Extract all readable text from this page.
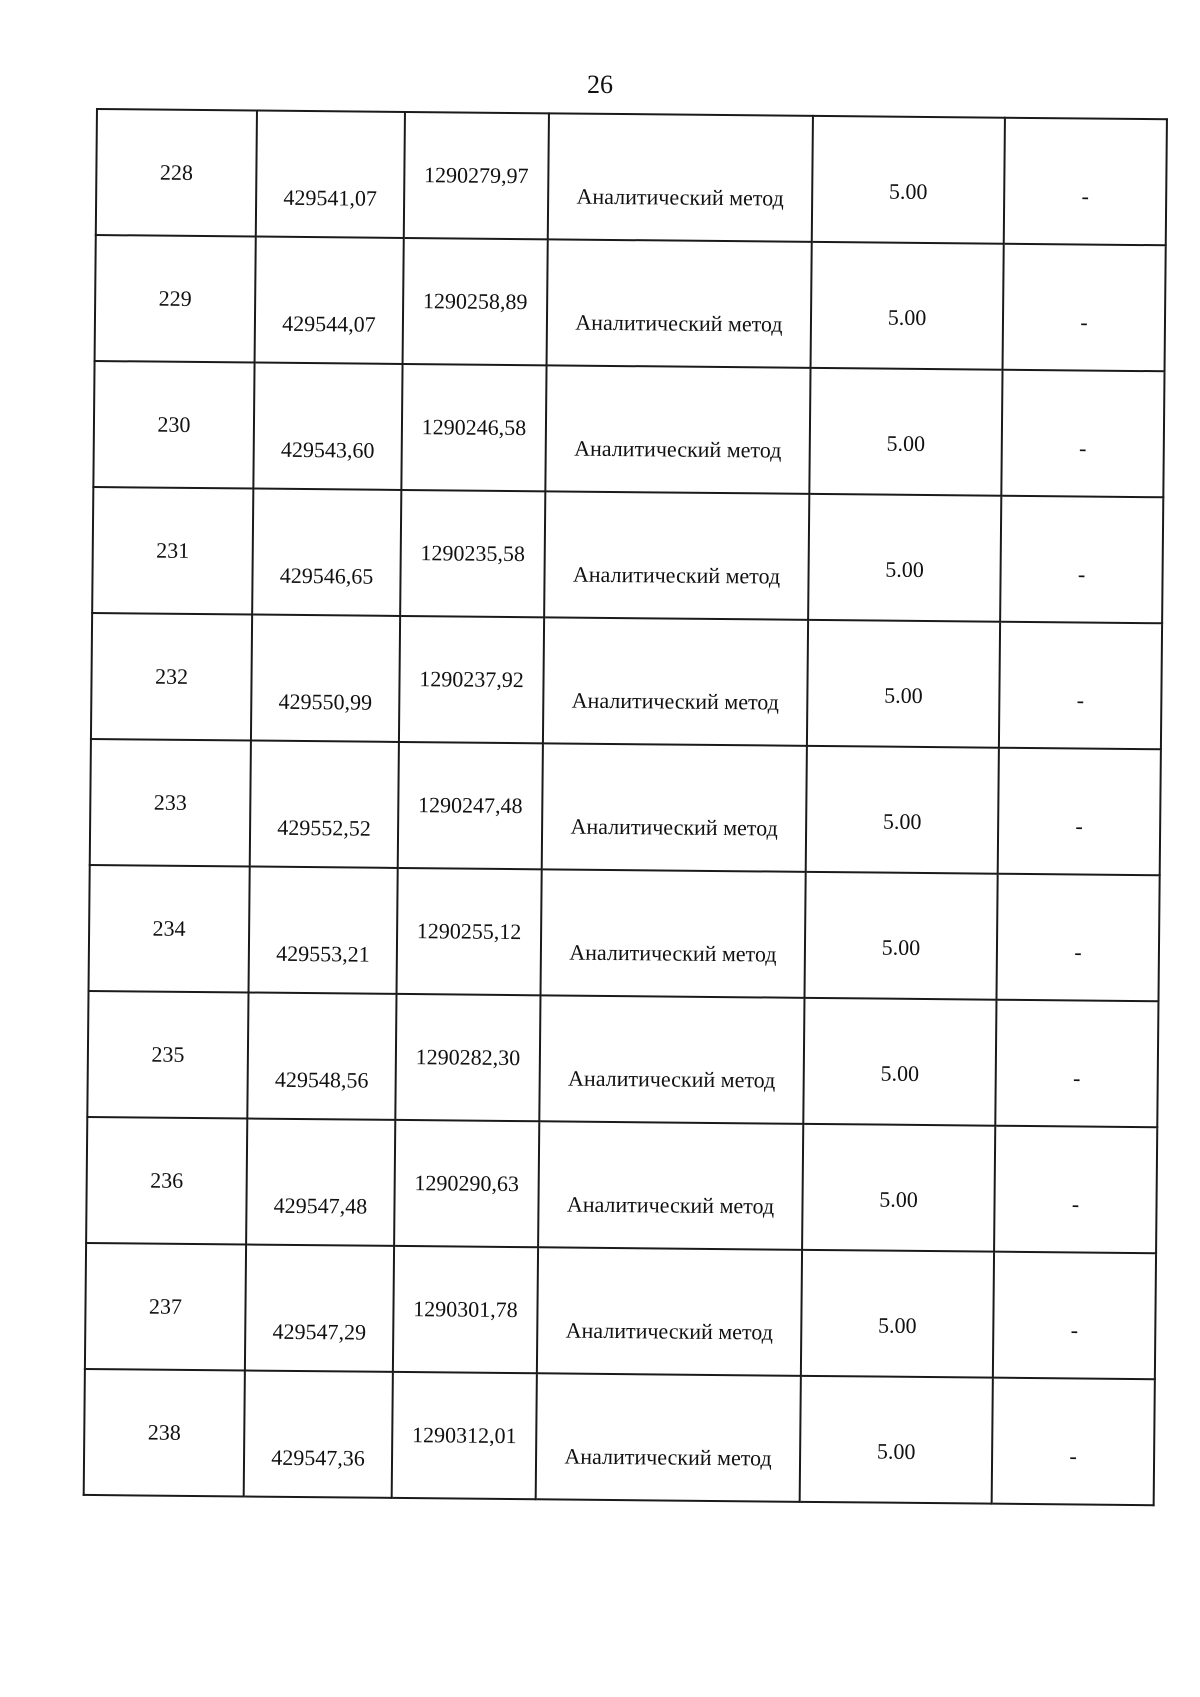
26
228	429541,07	1290279,97	Аналитический метод	5.00	-
229	429544,07	1290258,89	Аналитический метод	5.00	-
230	429543,60	1290246,58	Аналитический метод	5.00	-
231	429546,65	1290235,58	Аналитический метод	5.00	-
232	429550,99	1290237,92	Аналитический метод	5.00	-
233	429552,52	1290247,48	Аналитический метод	5.00	-
234	429553,21	1290255,12	Аналитический метод	5.00	-
235	429548,56	1290282,30	Аналитический метод	5.00	-
236	429547,48	1290290,63	Аналитический метод	5.00	-
237	429547,29	1290301,78	Аналитический метод	5.00	-
238	429547,36	1290312,01	Аналитический метод	5.00	-
